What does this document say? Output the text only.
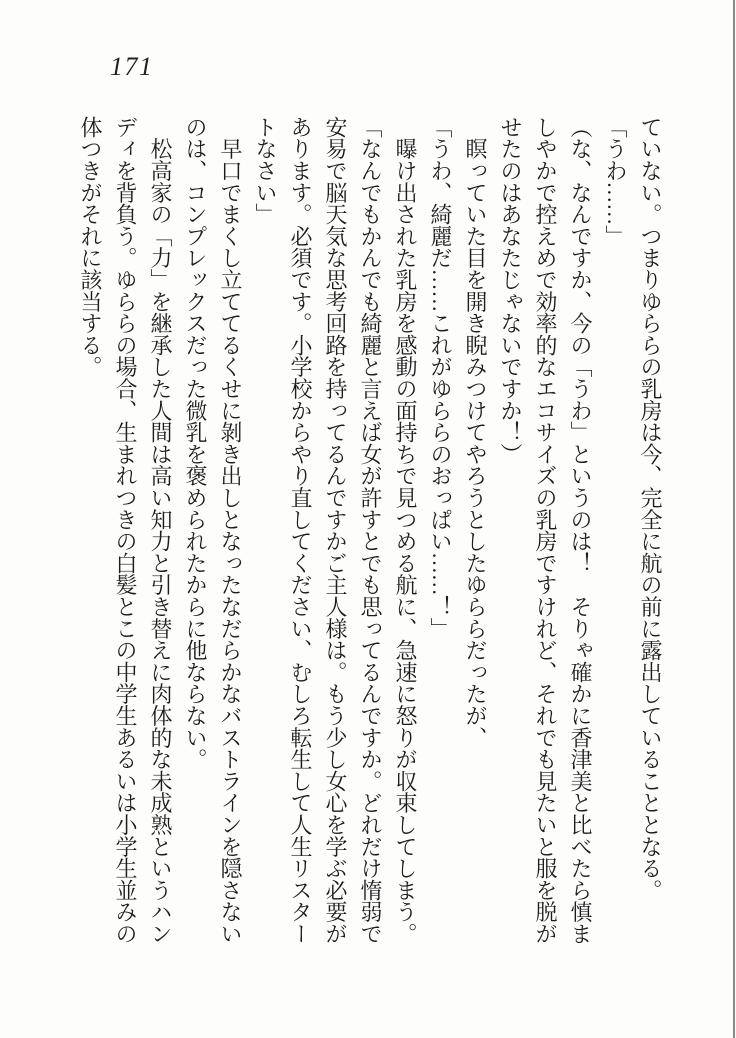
171

ていない。つまりゆららの乳房は今、完全に航の前に露出していることとなる。

「うわ……」

（な、なんですか、今の「うわ」というのは！　そりゃ確かに香津美と比べたら慎ま

しやかで控えめで効率的なエコサイズの乳房ですけれど、それでも見たいと服を脱が

せたのはあなたじゃないですか！）

　瞑っていた目を開き睨みつけてやろうとしたゆららだったが、

「うわ、綺麗だ……これがゆららのおっぱい……！」

　曝け出された乳房を感動の面持ちで見つめる航に、急速に怒りが収束してしまう。

「なんでもかんでも綺麗と言えば女が許すとでも思ってるんですか。どれだけ惰弱で

安易で脳天気な思考回路を持ってるんですかご主人様は。もう少し女心を学ぶ必要が

あります。必須です。小学校からやり直してください、むしろ転生して人生リスター

トなさい」

　早口でまくし立ててるくせに剝き出しとなったなだらかなバストラインを隠さない

のは、コンプレックスだった微乳を褒められたからに他ならない。

　松高家の「力」を継承した人間は高い知力と引き替えに肉体的な未成熟というハン

ディを背負う。ゆららの場合、生まれつきの白髪とこの中学生あるいは小学生並みの

体つきがそれに該当する。
